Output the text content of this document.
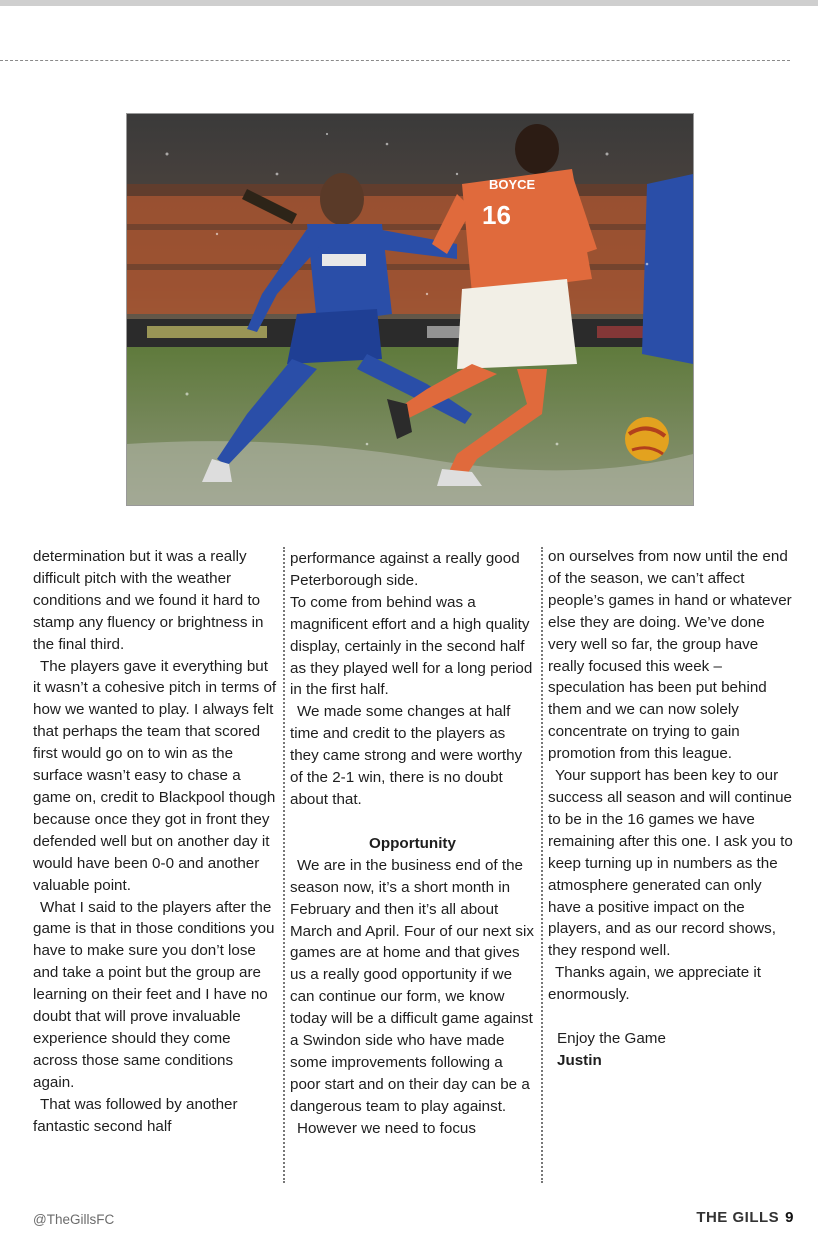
16
BOYCE

determination but it was a really difficult pitch with the weather conditions and we found it hard to stamp any fluency or brightness in the final third.

The players gave it everything but it wasn’t a cohesive pitch in terms of how we wanted to play. I always felt that perhaps the team that scored first would go on to win as the surface wasn’t easy to chase a game on, credit to Blackpool though because once they got in front they defended well but on another day it would have been 0-0 and another valuable point.

What I said to the players after the game is that in those conditions you have to make sure you don’t lose and take a point but the group are learning on their feet and I have no doubt that will prove invaluable experience should they come across those same conditions again.

That was followed by another fantastic second half

performance against a really good Peterborough side.

To come from behind was a magnificent effort and a high quality display, certainly in the second half as they played well for a long period in the first half.

We made some changes at half time and credit to the players as they came strong and were worthy of the 2-1 win, there is no doubt about that.

Opportunity

We are in the business end of the season now, it’s a short month in February and then it’s all about March and April. Four of our next six games are at home and that gives us a really good opportunity if we can continue our form, we know today will be a difficult game against a Swindon side who have made some improvements following a poor start and on their day can be a dangerous team to play against.

However we need to focus

on ourselves from now until the end of the season, we can’t affect people’s games in hand or whatever else they are doing. We’ve done very well so far, the group have really focused this week – speculation has been put behind them and we can now solely concentrate on trying to gain promotion from this league.

Your support has been key to our success all season and will continue to be in the 16 games we have remaining after this one. I ask you to keep turning up in numbers as the atmosphere generated can only have a positive impact on the players, and as our record shows, they respond well.

Thanks again, we appreciate it enormously.

Enjoy the Game

Justin

@TheGillsFC	THE GILLS 9
